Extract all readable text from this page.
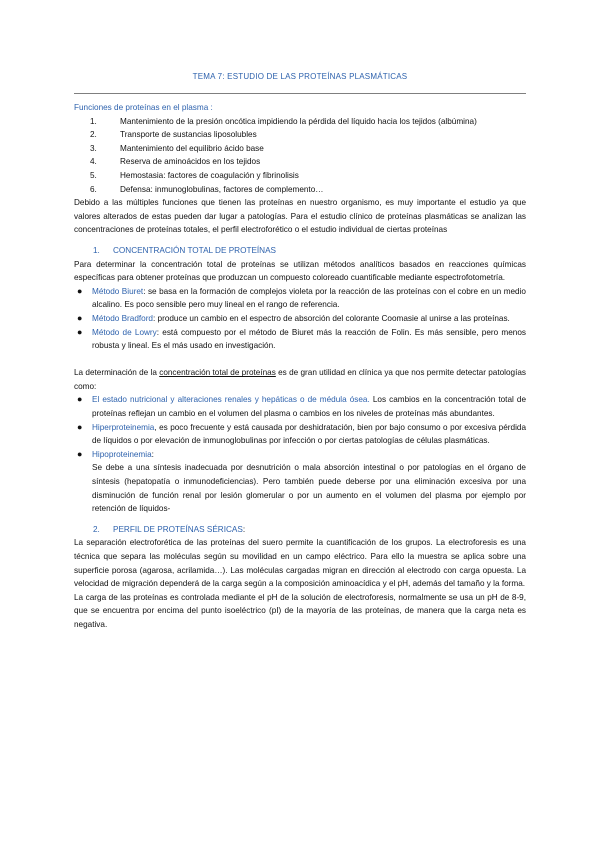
TEMA 7: ESTUDIO DE LAS PROTEÍNAS PLASMÁTICAS

Funciones de proteínas en el plasma :

1.	Mantenimiento de la presión oncótica impidiendo la pérdida del líquido hacia los tejidos (albúmina)
2.	Transporte de sustancias liposolubles
3.	Mantenimiento del equilibrio ácido base
4.	Reserva de aminoácidos en los tejidos
5.	Hemostasia: factores de coagulación y fibrinolisis
6.	Defensa: inmunoglobulinas, factores de complemento…

Debido a las múltiples funciones que tienen las proteínas en nuestro organismo, es muy importante el estudio ya que valores alterados de estas pueden dar lugar a patologías. Para el estudio clínico de proteínas plasmáticas se analizan las concentraciones de proteínas totales, el perfil electroforético o el estudio individual de ciertas proteínas

1. CONCENTRACIÓN TOTAL DE PROTEÍNAS

Para determinar la concentración total de proteínas se utilizan métodos analíticos basados en reacciones químicas específicas para obtener proteínas que produzcan un compuesto coloreado cuantificable mediante espectrofotometría.

● Método Biuret: se basa en la formación de complejos violeta por la reacción de las proteínas con el cobre en un medio alcalino. Es poco sensible pero muy lineal en el rango de referencia.
● Método Bradford: produce un cambio en el espectro de absorción del colorante Coomasie al unirse a las proteínas.
● Método de Lowry: está compuesto por el método de Biuret más la reacción de Folin. Es más sensible, pero menos robusta y lineal. Es el más usado en investigación.

La determinación de la concentración total de proteínas es de gran utilidad en clínica ya que nos permite detectar patologías como:

● El estado nutricional y alteraciones renales y hepáticas o de médula ósea. Los cambios en la concentración total de proteínas reflejan un cambio en el volumen del plasma o cambios en los niveles de proteínas más abundantes.
● Hiperproteinemia, es poco frecuente y está causada por deshidratación, bien por bajo consumo o por excesiva pérdida de líquidos o por elevación de inmunoglobulinas por infección o por ciertas patologías de células plasmáticas.
● Hipoproteinemia:
Se debe a una síntesis inadecuada por desnutrición o mala absorción intestinal o por patologías en el órgano de síntesis (hepatopatía o inmunodeficiencias). Pero también puede deberse por una eliminación excesiva por una disminución de función renal por lesión glomerular o por un aumento en el volumen del plasma por ejemplo por retención de líquidos-

2. PERFIL DE PROTEÍNAS SÉRICAS:

La separación electroforética de las proteínas del suero permite la cuantificación de los grupos. La electroforesis es una técnica que separa las moléculas según su movilidad en un campo eléctrico. Para ello la muestra se aplica sobre una superficie porosa (agarosa, acrilamida…). Las moléculas cargadas migran en dirección al electrodo con carga opuesta. La velocidad de migración dependerá de la carga según a la composición aminoacídica y el pH, además del tamaño y la forma.

La carga de las proteínas es controlada mediante el pH de la solución de electroforesis, normalmente se usa un pH de 8-9, que se encuentra por encima del punto isoeléctrico (pI) de la mayoría de las proteínas, de manera que la carga neta es negativa.
